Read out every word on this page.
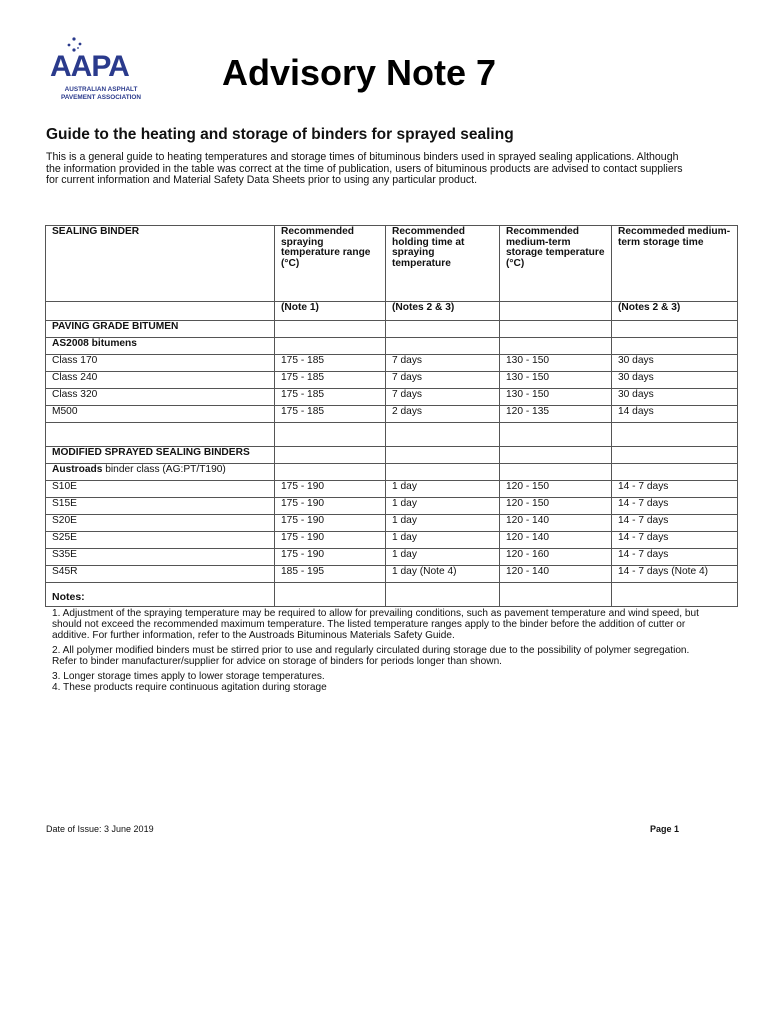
AAPA
AUSTRALIAN ASPHALT
PAVEMENT ASSOCIATION
Advisory Note 7
Guide to the heating and storage of binders for sprayed sealing
This is a general guide to heating temperatures and storage times of bituminous binders used in sprayed sealing applications. Although the information provided in the table was correct at the time of publication, users of bituminous products are advised to contact suppliers for current information and Material Safety Data Sheets prior to using any particular product.
SEALING BINDER	Recommended spraying temperature range (°C)	Recommended holding time at spraying temperature	Recommended medium-term storage temperature (°C)	Recommeded medium-term storage time
	(Note 1)	(Notes 2 & 3)		(Notes 2 & 3)
PAVING GRADE BITUMEN				
AS2008 bitumens				
Class 170	175 - 185	7 days	130 - 150	30 days
Class 240	175 - 185	7 days	130 - 150	30 days
Class 320	175 - 185	7 days	130 - 150	30 days
M500	175 - 185	2 days	120 - 135	14 days

MODIFIED SPRAYED SEALING BINDERS				
Austroads binder class (AG:PT/T190)				
S10E	175 - 190	1 day	120 - 150	14 - 7 days
S15E	175 - 190	1 day	120 - 150	14 - 7 days
S20E	175 - 190	1 day	120 - 140	14 - 7 days
S25E	175 - 190	1 day	120 - 140	14 - 7 days
S35E	175 - 190	1 day	120 - 160	14 - 7 days
S45R	185 - 195	1 day (Note 4)	120 - 140	14 - 7 days (Note 4)

Notes:

1. Adjustment of the spraying temperature may be required to allow for prevailing conditions, such as pavement temperature and wind speed, but should not exceed the recommended maximum temperature. The listed temperature ranges apply to the binder before the addition of cutter or additive. For further information, refer to the Austroads Bituminous Materials Safety Guide.

2. All polymer modified binders must be stirred prior to use and regularly circulated during storage due to the possibility of polymer segregation. Refer to binder manufacturer/supplier for advice on storage of binders for periods longer than shown.

3. Longer storage times apply to lower storage temperatures.

4. These products require continuous agitation during storage

Date of Issue: 3 June 2019	Page 1
